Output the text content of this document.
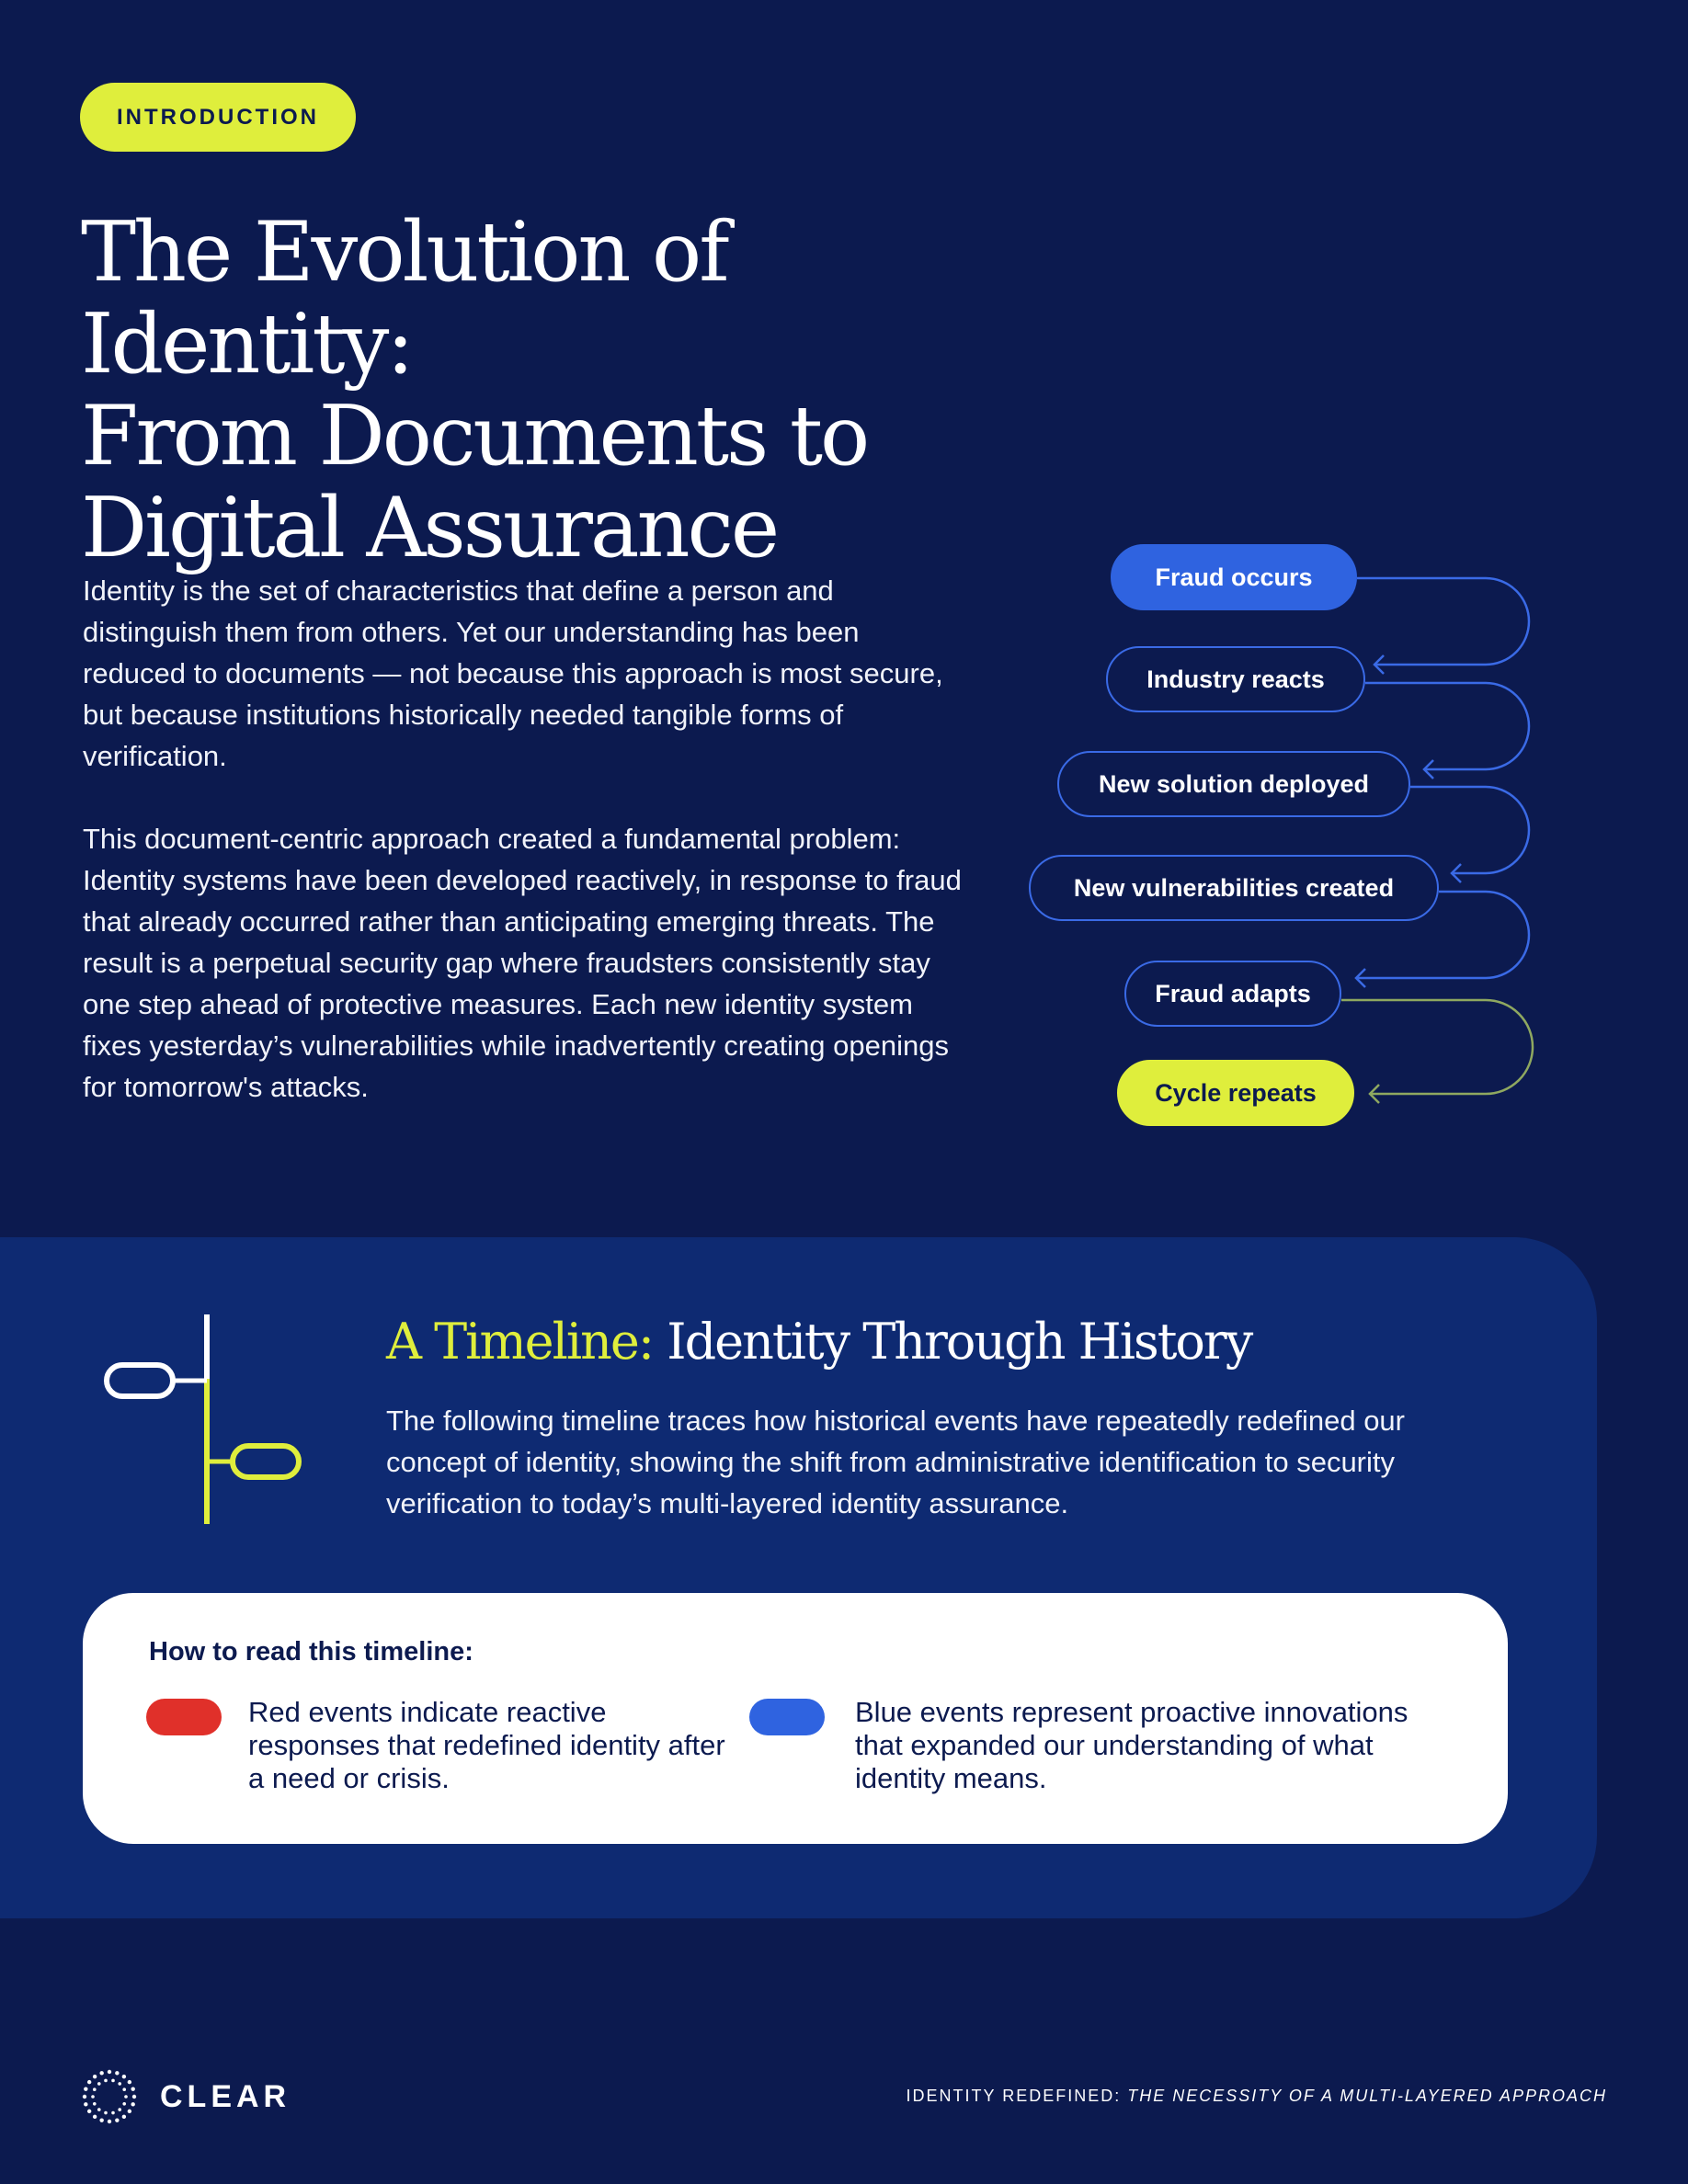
INTRODUCTION
The Evolution of Identity:
From Documents to
Digital Assurance

Identity is the set of characteristics that define a person and distinguish them from others. Yet our understanding has been reduced to documents — not because this approach is most secure, but because institutions historically needed tangible forms of verification.

This document-centric approach created a fundamental problem: Identity systems have been developed reactively, in response to fraud that already occurred rather than anticipating emerging threats. The result is a perpetual security gap where fraudsters consistently stay one step ahead of protective measures. Each new identity system fixes yesterday’s vulnerabilities while inadvertently creating openings for tomorrow's attacks.

Fraud occurs
Industry reacts
New solution deployed
New vulnerabilities created
Fraud adapts
Cycle repeats
A Timeline: Identity Through History

The following timeline traces how historical events have repeatedly redefined our concept of identity, showing the shift from administrative identification to security verification to today’s multi-layered identity assurance.

How to read this timeline:

Red events indicate reactive responses that redefined identity after a need or crisis.

Blue events represent proactive innovations that expanded our understanding of what identity means.

CLEAR	IDENTITY REDEFINED: THE NECESSITY OF A MULTI-LAYERED APPROACH
